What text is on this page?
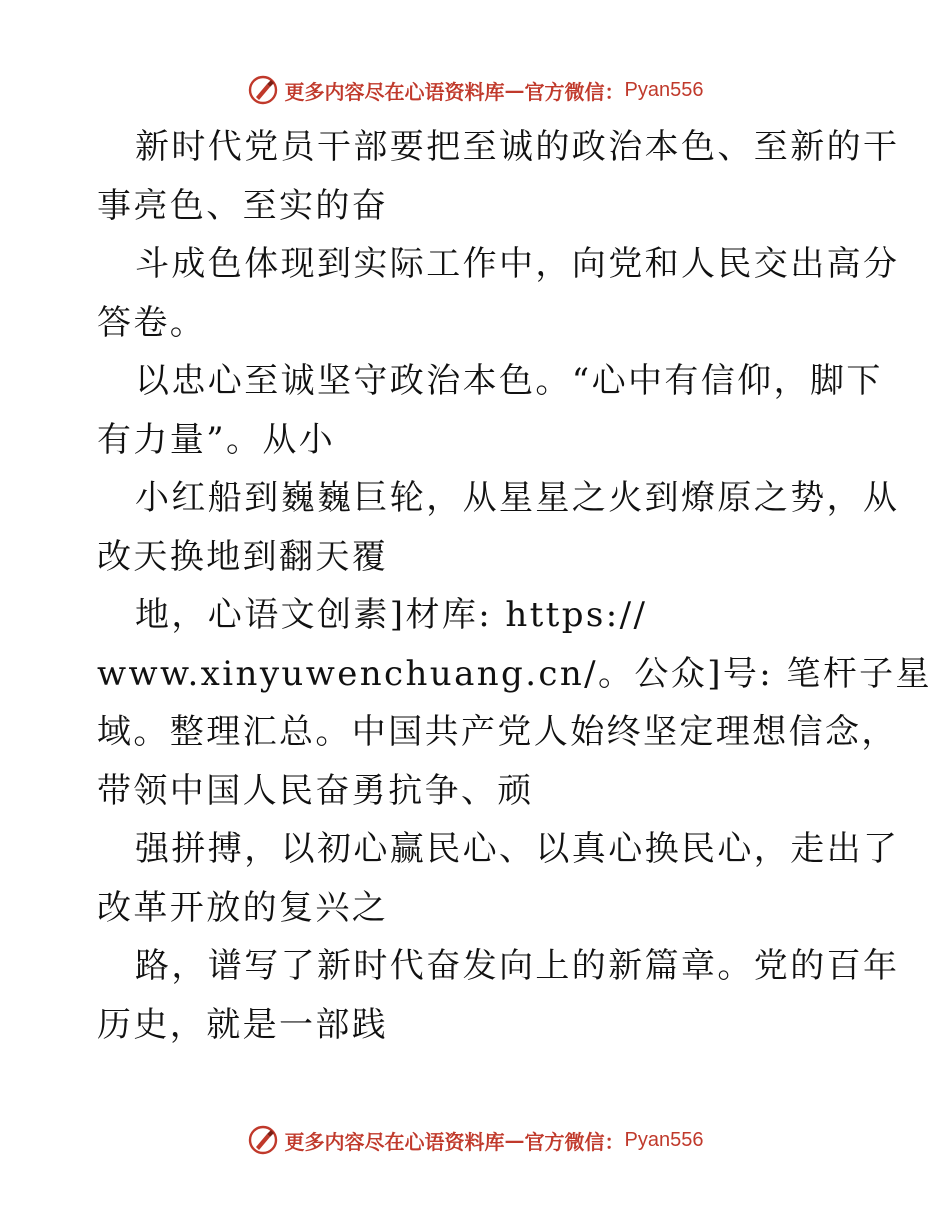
更多内容尽在心语资料库 — 官方微信： Pyan556
新时代党员干部要把至诚的政治本色、至新的干
事亮色、至实的奋
斗成色体现到实际工作中，向党和人民交出高分
答卷。
以忠心至诚坚守政治本色。“心中有信仰，脚下
有力量”。从小
小红船到巍巍巨轮，从星星之火到燎原之势，从
改天换地到翻天覆
地，心语文创素]材库: https://
www.xinyuwenchuang.cn/。公众]号: 笔杆子星
域。整理汇总。中国共产党人始终坚定理想信念，
带领中国人民奋勇抗争、顽
强拼搏，以初心赢民心、以真心换民心，走出了
改革开放的复兴之
路，谱写了新时代奋发向上的新篇章。党的百年
历史，就是一部践
更多内容尽在心语资料库 — 官方微信： Pyan556
